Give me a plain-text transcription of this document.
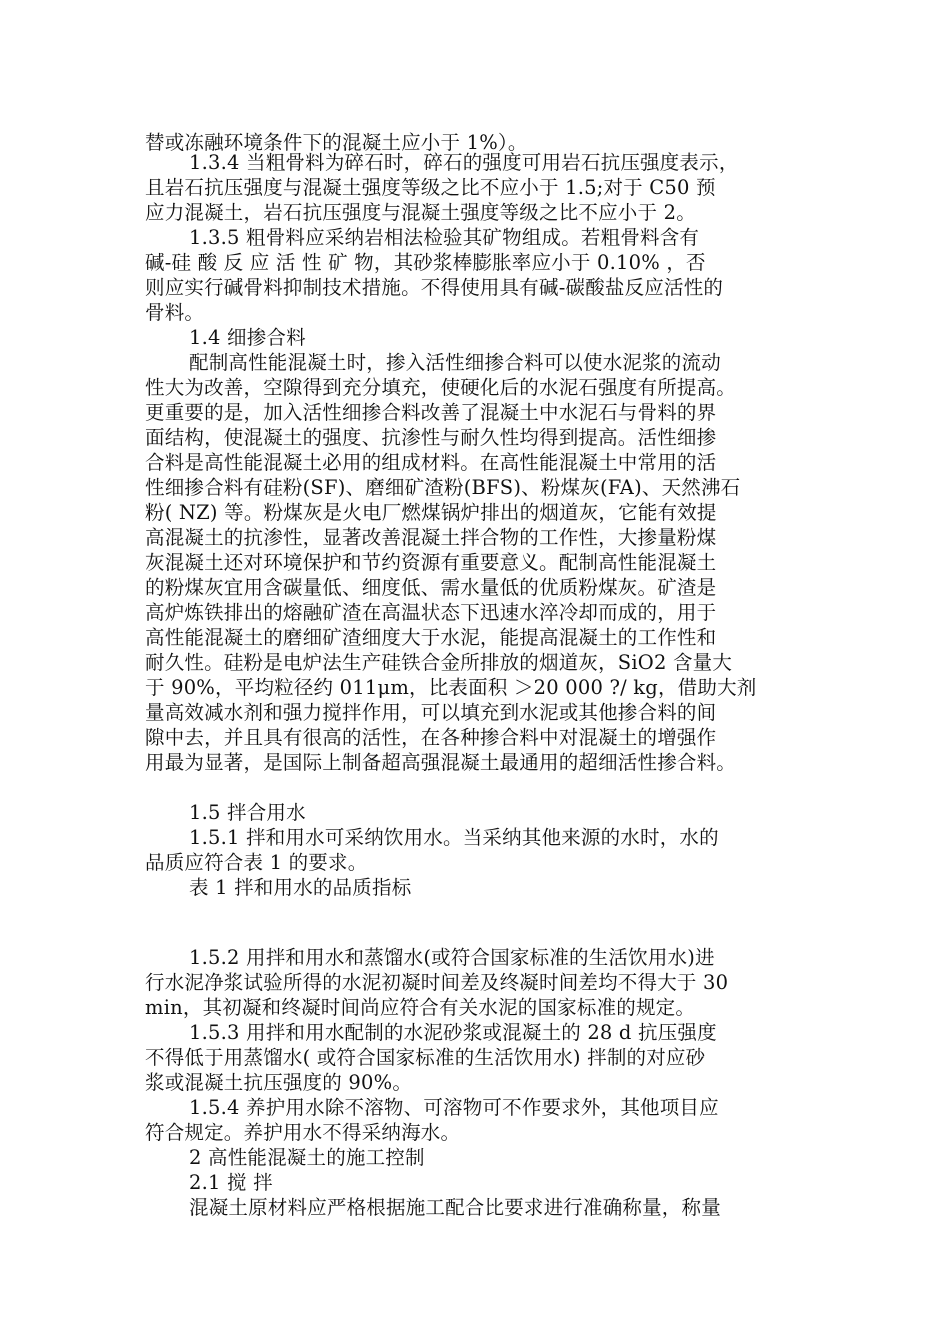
替或冻融环境条件下的混凝土应小于 1%）。
1.3.4 当粗骨料为碎石时，碎石的强度可用岩石抗压强度表示，
且岩石抗压强度与混凝土强度等级之比不应小于 1.5;对于 C50 预
应力混凝土，岩石抗压强度与混凝土强度等级之比不应小于 2。
1.3.5 粗骨料应采纳岩相法检验其矿物组成。若粗骨料含有
碱-硅 酸 反 应 活 性 矿 物，其砂浆棒膨胀率应小于 0.10% ，否
则应实行碱骨料抑制技术措施。不得使用具有碱-碳酸盐反应活性的
骨料。
1.4 细掺合料
配制高性能混凝土时，掺入活性细掺合料可以使水泥浆的流动
性大为改善，空隙得到充分填充，使硬化后的水泥石强度有所提高。
更重要的是，加入活性细掺合料改善了混凝土中水泥石与骨料的界
面结构，使混凝土的强度、抗渗性与耐久性均得到提高。活性细掺
合料是高性能混凝土必用的组成材料。在高性能混凝土中常用的活
性细掺合料有硅粉(SF)、磨细矿渣粉(BFS)、粉煤灰(FA)、天然沸石
粉( NZ) 等。粉煤灰是火电厂燃煤锅炉排出的烟道灰，它能有效提
高混凝土的抗渗性，显著改善混凝土拌合物的工作性，大掺量粉煤
灰混凝土还对环境保护和节约资源有重要意义。配制高性能混凝土
的粉煤灰宜用含碳量低、细度低、需水量低的优质粉煤灰。矿渣是
高炉炼铁排出的熔融矿渣在高温状态下迅速水淬冷却而成的，用于
高性能混凝土的磨细矿渣细度大于水泥，能提高混凝土的工作性和
耐久性。硅粉是电炉法生产硅铁合金所排放的烟道灰，SiO2 含量大
于 90%，平均粒径约 011μm，比表面积 ＞20 000 ?/ kg，借助大剂
量高效减水剂和强力搅拌作用，可以填充到水泥或其他掺合料的间
隙中去，并且具有很高的活性，在各种掺合料中对混凝土的增强作
用最为显著，是国际上制备超高强混凝土最通用的超细活性掺合料。
1.5 拌合用水
1.5.1 拌和用水可采纳饮用水。当采纳其他来源的水时，水的
品质应符合表 1 的要求。
表 1 拌和用水的品质指标
1.5.2 用拌和用水和蒸馏水(或符合国家标准的生活饮用水)进
行水泥净浆试验所得的水泥初凝时间差及终凝时间差均不得大于 30
min，其初凝和终凝时间尚应符合有关水泥的国家标准的规定。
1.5.3 用拌和用水配制的水泥砂浆或混凝土的 28 d 抗压强度
不得低于用蒸馏水( 或符合国家标准的生活饮用水) 拌制的对应砂
浆或混凝土抗压强度的 90%。
1.5.4 养护用水除不溶物、可溶物可不作要求外，其他项目应
符合规定。养护用水不得采纳海水。
2 高性能混凝土的施工控制
2.1 搅 拌
混凝土原材料应严格根据施工配合比要求进行准确称量，称量
